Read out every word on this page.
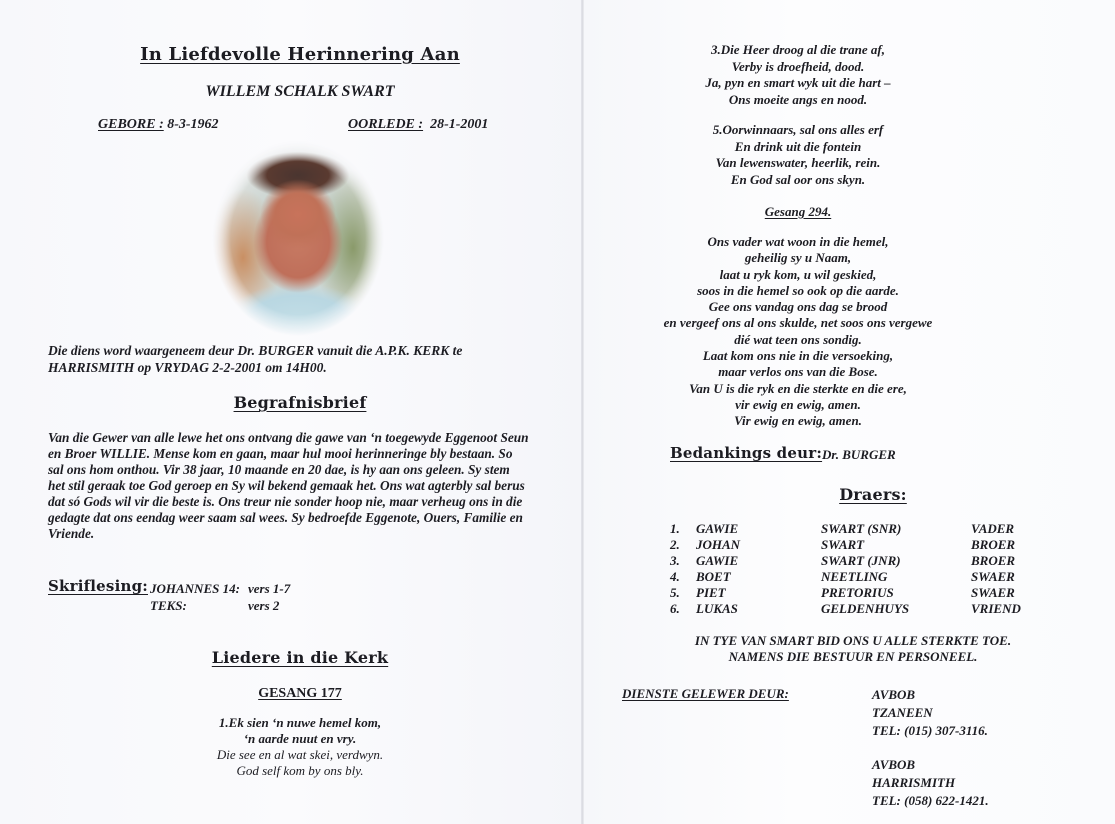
In Liefdevolle Herinnering Aan
WILLEM SCHALK SWART
GEBORE : 8-3-1962	OORLEDE : 28-1-2001
Die diens word waargeneem deur Dr. BURGER vanuit die A.P.K. KERK te
HARRISMITH op VRYDAG 2-2-2001 om 14H00.
Begrafnisbrief
Van die Gewer van alle lewe het ons ontvang die gawe van ‘n toegewyde Eggenoot Seun
en Broer WILLIE. Mense kom en gaan, maar hul mooi herinneringe bly bestaan. So
sal ons hom onthou. Vir 38 jaar, 10 maande en 20 dae, is hy aan ons geleen. Sy stem
het stil geraak toe God geroep en Sy wil bekend gemaak het. Ons wat agterbly sal berus
dat só Gods wil vir die beste is. Ons treur nie sonder hoop nie, maar verheug ons in die
gedagte dat ons eendag weer saam sal wees. Sy bedroefde Eggenote, Ouers, Familie en
Vriende.
Skriflesing: JOHANNES 14: vers 1-7
TEKS:	vers 2
Liedere in die Kerk
GESANG 177
1.Ek sien ‘n nuwe hemel kom,
‘n aarde nuut en vry.
Die see en al wat skei, verdwyn.
God self kom by ons bly.
3.Die Heer droog al die trane af,
Verby is droefheid, dood.
Ja, pyn en smart wyk uit die hart –
Ons moeite angs en nood.
5.Oorwinnaars, sal ons alles erf
En drink uit die fontein
Van lewenswater, heerlik, rein.
En God sal oor ons skyn.
Gesang 294.
Ons vader wat woon in die hemel,
geheilig sy u Naam,
laat u ryk kom, u wil geskied,
soos in die hemel so ook op die aarde.
Gee ons vandag ons dag se brood
en vergeef ons al ons skulde, net soos ons vergewe
dié wat teen ons sondig.
Laat kom ons nie in die versoeking,
maar verlos ons van die Bose.
Van U is die ryk en die sterkte en die ere,
vir ewig en ewig, amen.
Vir ewig en ewig, amen.
Bedankings deur: Dr. BURGER
Draers:
1.	GAWIE	SWART (SNR)	VADER
2.	JOHAN	SWART	BROER
3.	GAWIE	SWART (JNR)	BROER
4.	BOET	NEETLING	SWAER
5.	PIET	PRETORIUS	SWAER
6.	LUKAS	GELDENHUYS	VRIEND
IN TYE VAN SMART BID ONS U ALLE STERKTE TOE.
NAMENS DIE BESTUUR EN PERSONEEL.
DIENSTE GELEWER DEUR:	AVBOB
TZANEEN
TEL: (015) 307-3116.
AVBOB
HARRISMITH
TEL: (058) 622-1421.
